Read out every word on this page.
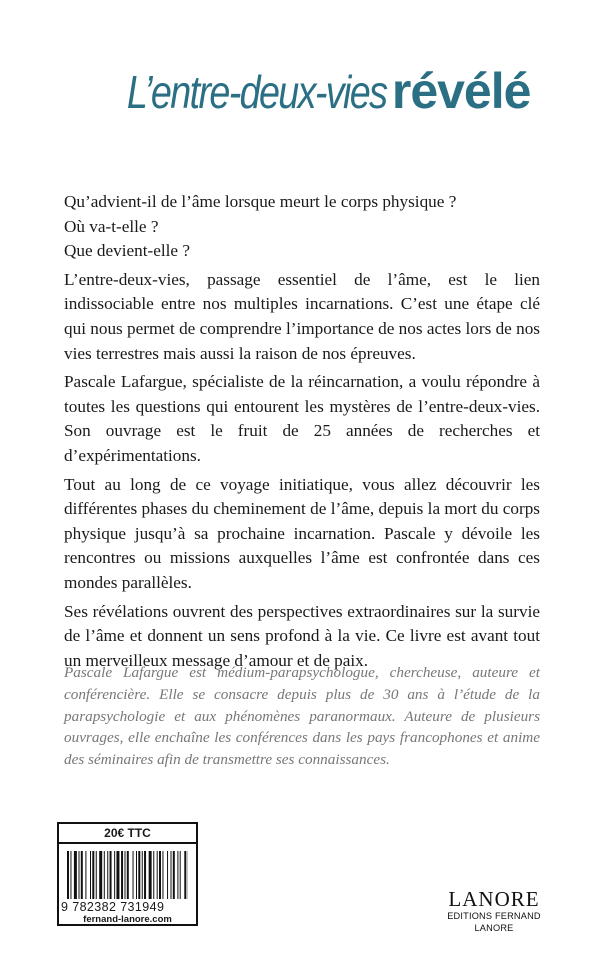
L’entre-deux-vies révélé

Qu’advient-il de l’âme lorsque meurt le corps physique ?

Où va-t-elle ?

Que devient-elle ?

L’entre-deux-vies, passage essentiel de l’âme, est le lien indissociable entre nos multiples incarnations. C’est une étape clé qui nous permet de comprendre l’importance de nos actes lors de nos vies terrestres mais aussi la raison de nos épreuves.

Pascale Lafargue, spécialiste de la réincarnation, a voulu répondre à toutes les questions qui entourent les mystères de l’entre-deux-vies. Son ouvrage est le fruit de 25 années de recherches et d’expérimentations.

Tout au long de ce voyage initiatique, vous allez découvrir les différentes phases du cheminement de l’âme, depuis la mort du corps physique jusqu’à sa prochaine incarnation. Pascale y dévoile les rencontres ou missions auxquelles l’âme est confrontée dans ces mondes parallèles.

Ses révélations ouvrent des perspectives extraordinaires sur la survie de l’âme et donnent un sens profond à la vie. Ce livre est avant tout un merveilleux message d’amour et de paix.

Pascale Lafargue est médium-parapsychologue, chercheuse, auteure et conférencière. Elle se consacre depuis plus de 30 ans à l’étude de la parapsychologie et aux phénomènes paranormaux. Auteure de plusieurs ouvrages, elle enchaîne les conférences dans les pays francophones et anime des séminaires afin de transmettre ses connaissances.
20€ TTC
9 782382 731949
fernand-lanore.com
LANORE
EDITIONS FERNAND LANORE
